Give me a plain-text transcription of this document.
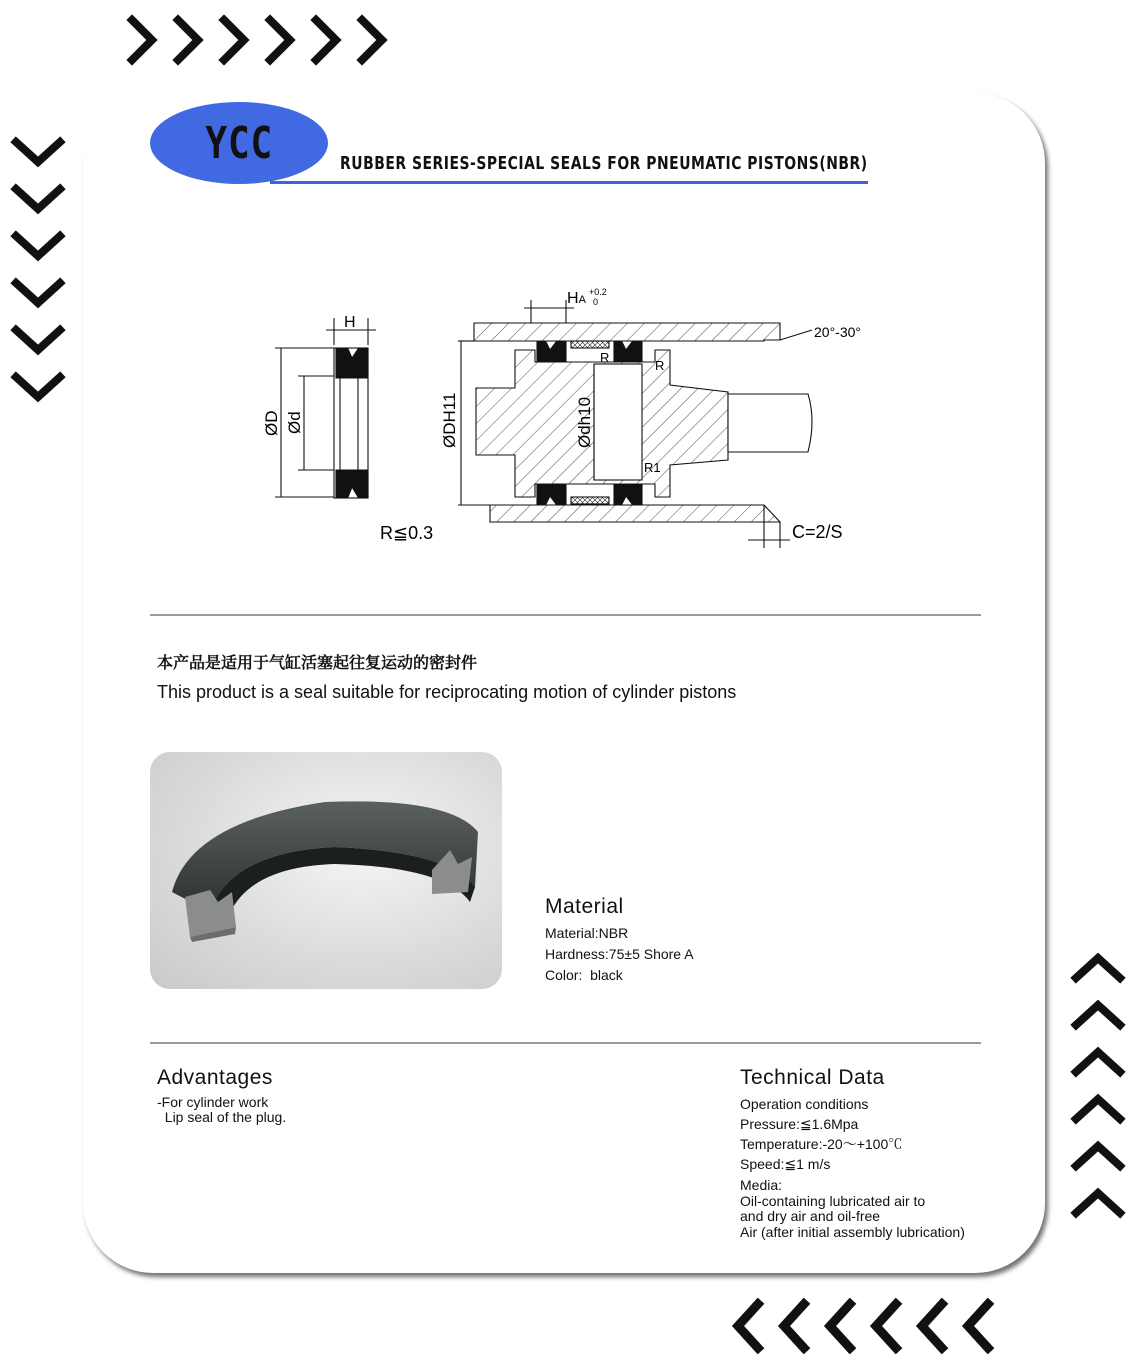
YCC	RUBBER SERIES-SPECIAL SEALS FOR PNEUMATIC PISTONS(NBR)
H
ØD Ød
R≦0.3
HA
+0.2
0
20°-30°
ØDH11	Ødh10
R
R
R1
C=2/S
本产品是适用于气缸活塞起往复运动的密封件
This product is a seal suitable for reciprocating motion of cylinder pistons
Material
Material:NBR
Hardness:75±5 Shore A
Color:  black
Advantages
-For cylinder work
Lip seal of the plug.
Technical Data
Operation conditions
Pressure:≦1.6Mpa
Temperature:-20～+100℃
Speed:≦1 m/s
Media:
Oil-containing lubricated air to
and dry air and oil-free
Air (after initial assembly lubrication)
